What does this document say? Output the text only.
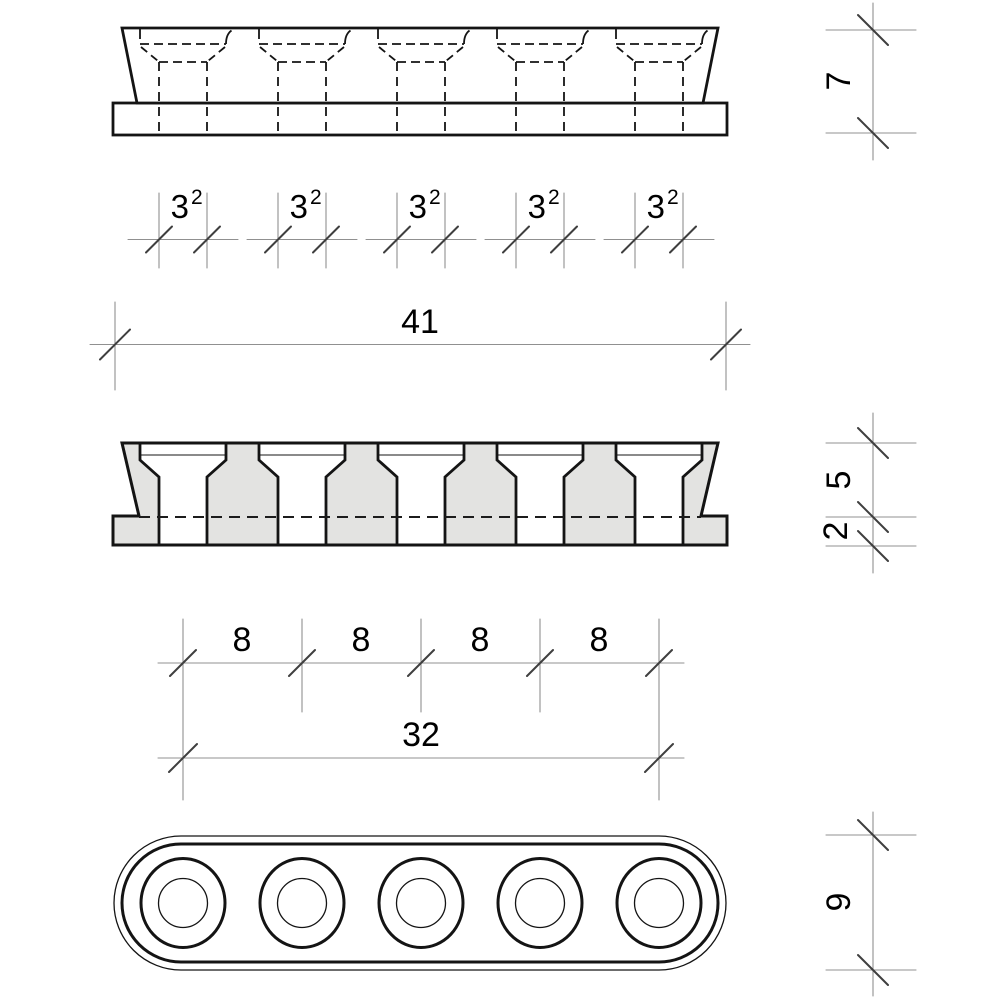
3 2	3 2	3 2	3 2	3 2
41
8	8	8	8
32
7
5
2
9
